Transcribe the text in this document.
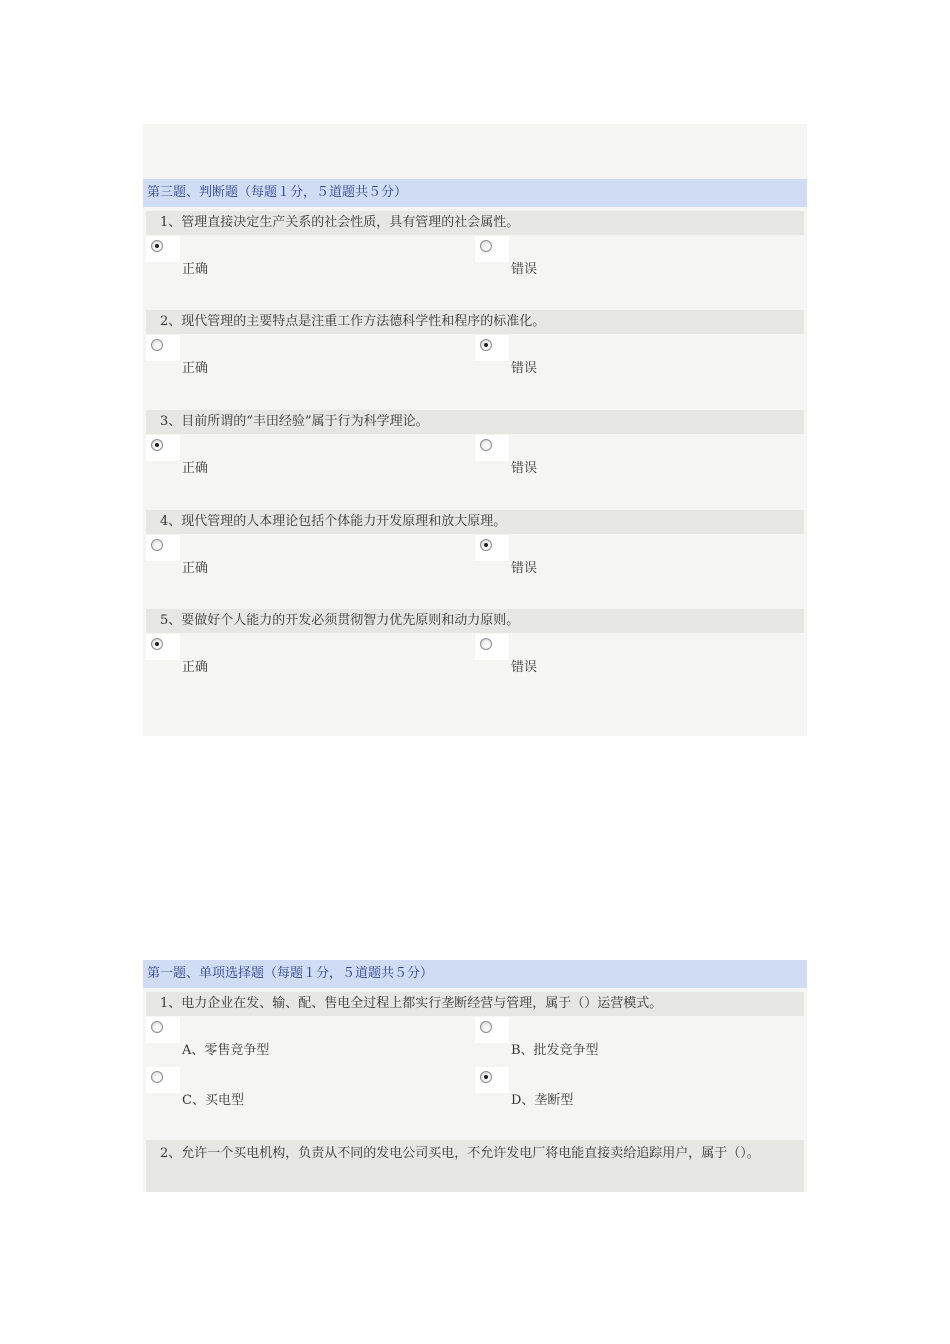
第三题、判断题（每题１分，５道题共５分）
1、管理直接决定生产关系的社会性质，具有管理的社会属性。
正确	错误
2、现代管理的主要特点是注重工作方法德科学性和程序的标准化。
正确	错误
3、目前所谓的“丰田经验”属于行为科学理论。
正确	错误
4、现代管理的人本理论包括个体能力开发原理和放大原理。
正确	错误
5、要做好个人能力的开发必须贯彻智力优先原则和动力原则。
正确	错误
第一题、单项选择题（每题１分，５道题共５分）
1、电力企业在发、输、配、售电全过程上都实行垄断经营与管理，属于（）运营模式。
A、零售竞争型	B、批发竞争型
C、买电型	D、垄断型
2、允许一个买电机构，负责从不同的发电公司买电，不允许发电厂将电能直接卖给追踪用户，属于（）。
